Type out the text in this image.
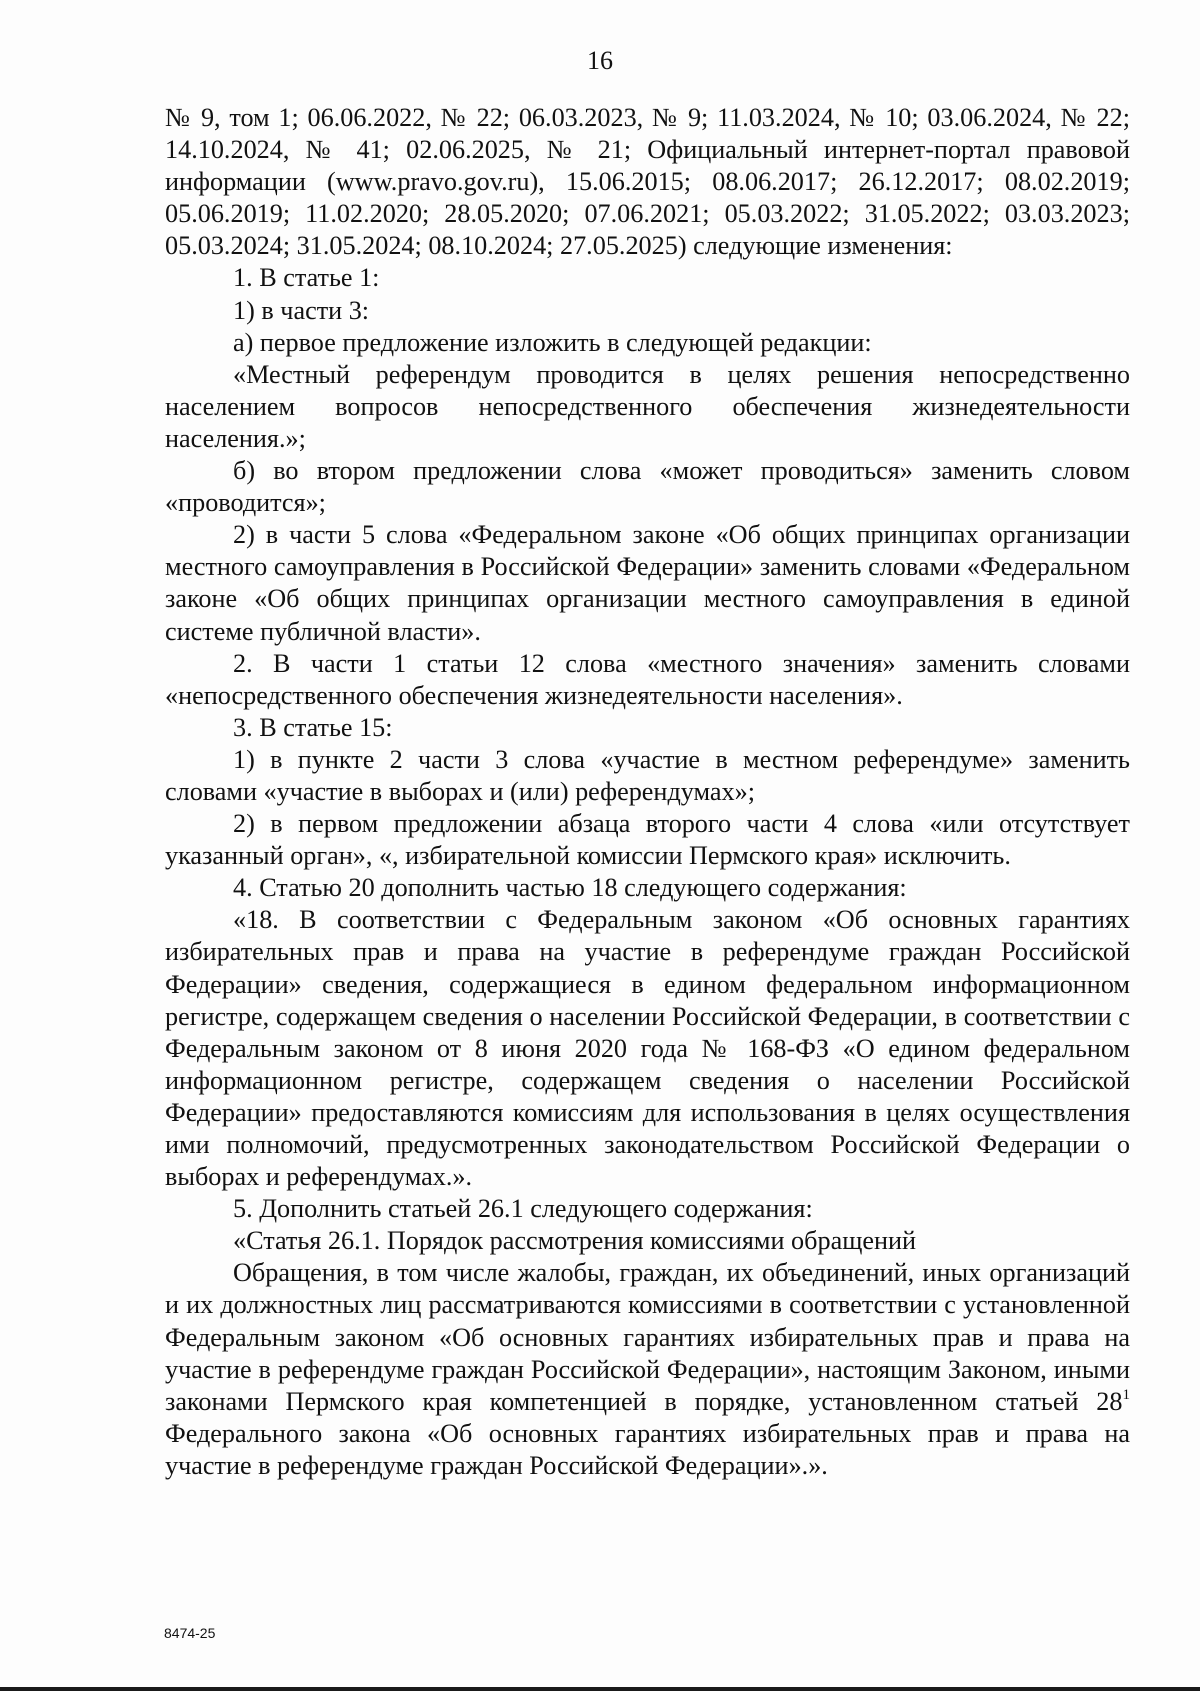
16

№ 9, том 1; 06.06.2022, № 22; 06.03.2023, № 9; 11.03.2024, № 10; 03.06.2024, № 22; 14.10.2024, № 41; 02.06.2025, № 21; Официальный интернет-портал правовой информации (www.pravo.gov.ru), 15.06.2015; 08.06.2017; 26.12.2017; 08.02.2019; 05.06.2019; 11.02.2020; 28.05.2020; 07.06.2021; 05.03.2022; 31.05.2022; 03.03.2023; 05.03.2024; 31.05.2024; 08.10.2024; 27.05.2025) следующие изменения:

1. В статье 1:

1) в части 3:

а) первое предложение изложить в следующей редакции:

«Местный референдум проводится в целях решения непосредственно населением вопросов непосредственного обеспечения жизнедеятельности населения.»;

б) во втором предложении слова «может проводиться» заменить словом «проводится»;

2) в части 5 слова «Федеральном законе «Об общих принципах организации местного самоуправления в Российской Федерации» заменить словами «Федеральном законе «Об общих принципах организации местного самоуправления в единой системе публичной власти».

2. В части 1 статьи 12 слова «местного значения» заменить словами «непосредственного обеспечения жизнедеятельности населения».

3. В статье 15:

1) в пункте 2 части 3 слова «участие в местном референдуме» заменить словами «участие в выборах и (или) референдумах»;

2) в первом предложении абзаца второго части 4 слова «или отсутствует указанный орган», «, избирательной комиссии Пермского края» исключить.

4. Статью 20 дополнить частью 18 следующего содержания:

«18. В соответствии с Федеральным законом «Об основных гарантиях избирательных прав и права на участие в референдуме граждан Российской Федерации» сведения, содержащиеся в едином федеральном информационном регистре, содержащем сведения о населении Российской Федерации, в соответствии с Федеральным законом от 8 июня 2020 года № 168-ФЗ «О едином федеральном информационном регистре, содержащем сведения о населении Российской Федерации» предоставляются комиссиям для использования в целях осуществления ими полномочий, предусмотренных законодательством Российской Федерации о выборах и референдумах.».

5. Дополнить статьей 26.1 следующего содержания:

«Статья 26.1. Порядок рассмотрения комиссиями обращений

Обращения, в том числе жалобы, граждан, их объединений, иных организаций и их должностных лиц рассматриваются комиссиями в соответствии с установленной Федеральным законом «Об основных гарантиях избирательных прав и права на участие в референдуме граждан Российской Федерации», настоящим Законом, иными законами Пермского края компетенцией в порядке, установленном статьей $28^1$ Федерального закона «Об основных гарантиях избирательных прав и права на участие в референдуме граждан Российской Федерации».».

8474-25
